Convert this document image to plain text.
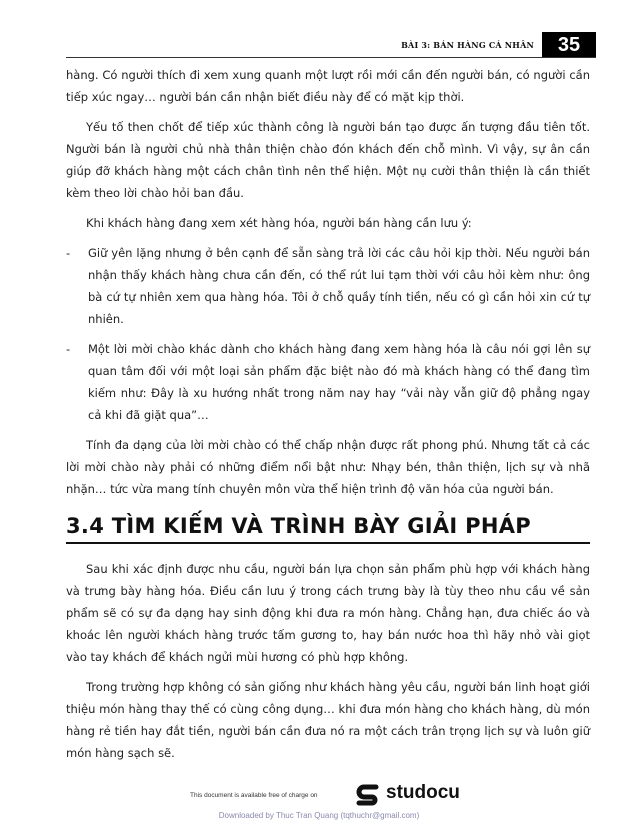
BÀI 3: BÁN HÀNG CÁ NHÂN	35

hàng. Có người thích đi xem xung quanh một lượt rồi mới cần đến người bán, có người cần tiếp xúc ngay… người bán cần nhận biết điều này để có mặt kịp thời.

Yếu tố then chốt để tiếp xúc thành công là người bán tạo được ấn tượng đầu tiên tốt. Người bán là người chủ nhà thân thiện chào đón khách đến chỗ mình. Vì vậy, sự ân cần giúp đỡ khách hàng một cách chân tình nên thể hiện. Một nụ cười thân thiện là cần thiết kèm theo lời chào hỏi ban đầu.

Khi khách hàng đang xem xét hàng hóa, người bán hàng cần lưu ý:

- Giữ yên lặng nhưng ở bên cạnh để sẵn sàng trả lời các câu hỏi kịp thời. Nếu người bán nhận thấy khách hàng chưa cần đến, có thể rút lui tạm thời với câu hỏi kèm như: ông bà cứ tự nhiên xem qua hàng hóa. Tôi ở chỗ quầy tính tiền, nếu có gì cần hỏi xin cứ tự nhiên.
- Một lời mời chào khác dành cho khách hàng đang xem hàng hóa là câu nói gợi lên sự quan tâm đối với một loại sản phẩm đặc biệt nào đó mà khách hàng có thể đang tìm kiếm như: Đây là xu hướng nhất trong năm nay hay “vải này vẫn giữ độ phẳng ngay cả khi đã giặt qua”…

Tính đa dạng của lời mời chào có thể chấp nhận được rất phong phú. Nhưng tất cả các lời mời chào này phải có những điểm nổi bật như: Nhạy bén, thân thiện, lịch sự và nhã nhặn… tức vừa mang tính chuyên môn vừa thể hiện trình độ văn hóa của người bán.

3.4 TÌM KIẾM VÀ TRÌNH BÀY GIẢI PHÁP

Sau khi xác định được nhu cầu, người bán lựa chọn sản phẩm phù hợp với khách hàng và trưng bày hàng hóa. Điều cần lưu ý trong cách trưng bày là tùy theo nhu cầu về sản phẩm sẽ có sự đa dạng hay sinh động khi đưa ra món hàng. Chẳng hạn, đưa chiếc áo và khoác lên người khách hàng trước tấm gương to, hay bán nước hoa thì hãy nhỏ vài giọt vào tay khách để khách ngửi mùi hương có phù hợp không.

Trong trường hợp không có sản giống như khách hàng yêu cầu, người bán linh hoạt giới thiệu món hàng thay thế có cùng công dụng… khi đưa món hàng cho khách hàng, dù món hàng rẻ tiền hay đắt tiền, người bán cần đưa nó ra một cách trân trọng lịch sự và luôn giữ món hàng sạch sẽ.

This document is available free of charge on	studocu
Downloaded by Thuc Tran Quang (tqthuchr@gmail.com)
